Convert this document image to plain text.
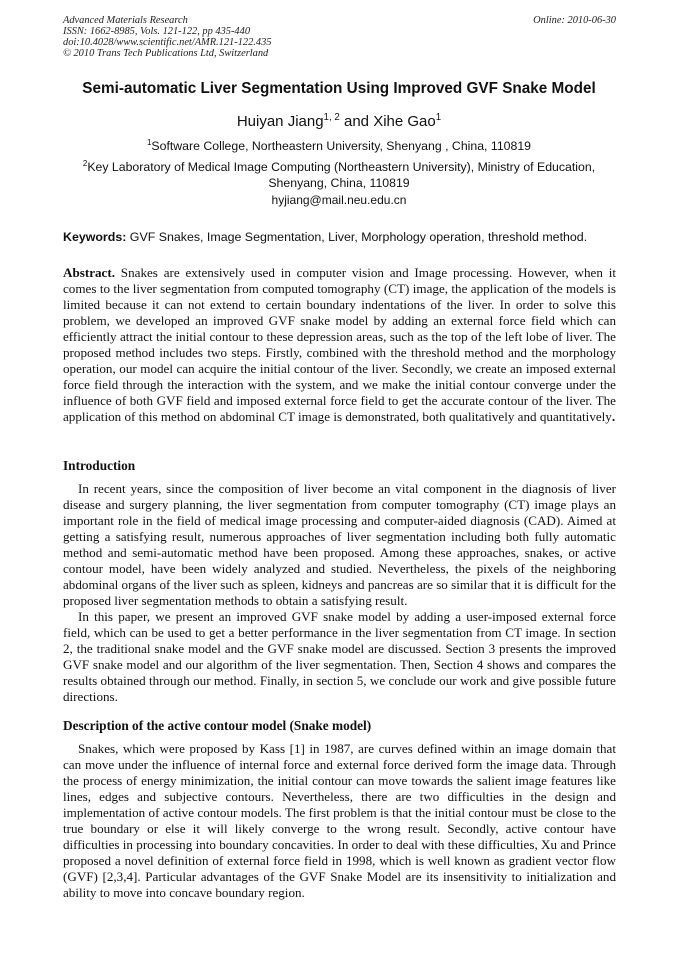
Advanced Materials Research
ISSN: 1662-8985, Vols. 121-122, pp 435-440
doi:10.4028/www.scientific.net/AMR.121-122.435
© 2010 Trans Tech Publications Ltd, Switzerland
Online: 2010-06-30
Semi-automatic Liver Segmentation Using Improved GVF Snake Model
Huiyan Jiang$^{1, 2}$ and Xihe Gao$^1$
$^1$Software College, Northeastern University, Shenyang , China, 110819
$^2$Key Laboratory of Medical Image Computing (Northeastern University), Ministry of Education, Shenyang, China, 110819
hyjiang@mail.neu.edu.cn
Keywords: GVF Snakes, Image Segmentation, Liver, Morphology operation, threshold method.
Abstract. Snakes are extensively used in computer vision and Image processing. However, when it comes to the liver segmentation from computed tomography (CT) image, the application of the models is limited because it can not extend to certain boundary indentations of the liver. In order to solve this problem, we developed an improved GVF snake model by adding an external force field which can efficiently attract the initial contour to these depression areas, such as the top of the left lobe of liver. The proposed method includes two steps. Firstly, combined with the threshold method and the morphology operation, our model can acquire the initial contour of the liver. Secondly, we create an imposed external force field through the interaction with the system, and we make the initial contour converge under the influence of both GVF field and imposed external force field to get the accurate contour of the liver. The application of this method on abdominal CT image is demonstrated, both qualitatively and quantitatively.
Introduction
In recent years, since the composition of liver become an vital component in the diagnosis of liver disease and surgery planning, the liver segmentation from computer tomography (CT) image plays an important role in the field of medical image processing and computer-aided diagnosis (CAD). Aimed at getting a satisfying result, numerous approaches of liver segmentation including both fully automatic method and semi-automatic method have been proposed. Among these approaches, snakes, or active contour model, have been widely analyzed and studied. Nevertheless, the pixels of the neighboring abdominal organs of the liver such as spleen, kidneys and pancreas are so similar that it is difficult for the proposed liver segmentation methods to obtain a satisfying result.
In this paper, we present an improved GVF snake model by adding a user-imposed external force field, which can be used to get a better performance in the liver segmentation from CT image. In section 2, the traditional snake model and the GVF snake model are discussed. Section 3 presents the improved GVF snake model and our algorithm of the liver segmentation. Then, Section 4 shows and compares the results obtained through our method. Finally, in section 5, we conclude our work and give possible future directions.
Description of the active contour model (Snake model)
Snakes, which were proposed by Kass [1] in 1987, are curves defined within an image domain that can move under the influence of internal force and external force derived form the image data. Through the process of energy minimization, the initial contour can move towards the salient image features like lines, edges and subjective contours. Nevertheless, there are two difficulties in the design and implementation of active contour models. The first problem is that the initial contour must be close to the true boundary or else it will likely converge to the wrong result. Secondly, active contour have difficulties in processing into boundary concavities. In order to deal with these difficulties, Xu and Prince proposed a novel definition of external force field in 1998, which is well known as gradient vector flow (GVF) [2,3,4]. Particular advantages of the GVF Snake Model are its insensitivity to initialization and ability to move into concave boundary region.
